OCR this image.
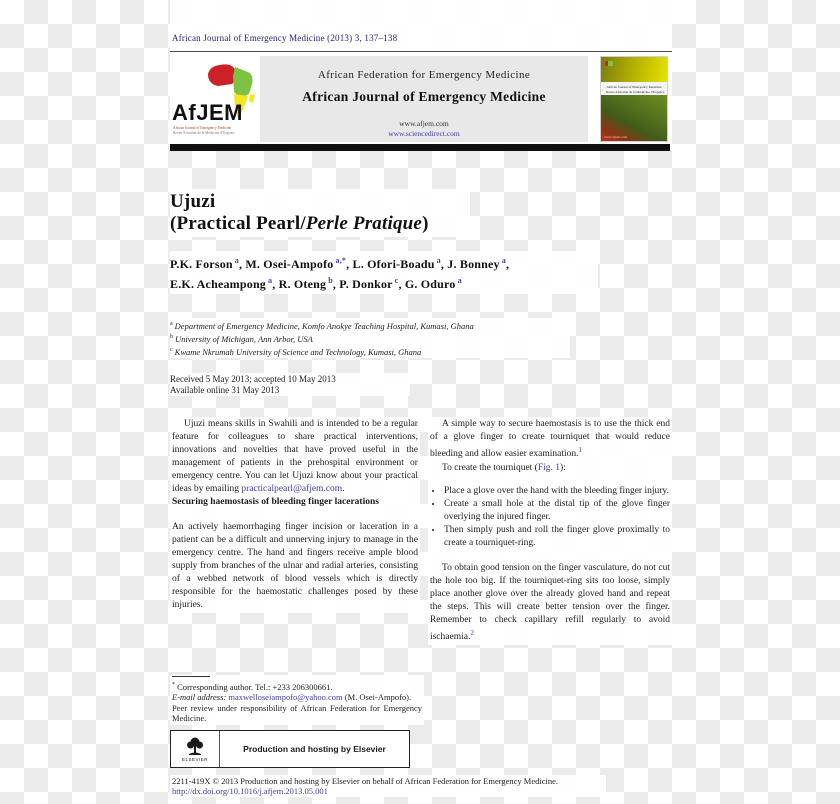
African Journal of Emergency Medicine (2013) 3, 137–138
AfJEM
African Journal of Emergency Medicine
Revue Africaine de la Médecine d'Urgence
African Federation for Emergency Medicine
African Journal of Emergency Medicine
www.afjem.com
www.sciencedirect.com
African Journal of Emergency Medicine
Revue Africaine de la Médecine d'Urgence
www.afjem.com
Ujuzi
(Practical Pearl/Perle Pratique)
P.K. Forson $^a$, M. Osei-Ampofo $^{a,*}$, L. Ofori-Boadu $^a$, J. Bonney $^a$,
E.K. Acheampong $^a$, R. Oteng $^b$, P. Donkor $^c$, G. Oduro $^a$
$^a$ Department of Emergency Medicine, Komfo Anokye Teaching Hospital, Kumasi, Ghana
$^b$ University of Michigan, Ann Arbor, USA
$^c$ Kwame Nkrumah University of Science and Technology, Kumasi, Ghana
Received 5 May 2013; accepted 10 May 2013
Available online 31 May 2013

Ujuzi means skills in Swahili and is intended to be a regular feature for colleagues to share practical interventions, innovations and novelties that have proved useful in the management of patients in the prehospital environment or emergency centre. You can let Ujuzi know about your practical ideas by emailing practicalpearl@afjem.com.

Securing haemostasis of bleeding finger lacerations

An actively haemorrhaging finger incision or laceration in a patient can be a difficult and unnerving injury to manage in the emergency centre. The hand and fingers receive ample blood supply from branches of the ulnar and radial arteries, consisting of a webbed network of blood vessels which is directly responsible for the haemostatic challenges posed by these injuries.

A simple way to secure haemostasis is to use the thick end of a glove finger to create tourniquet that would reduce bleeding and allow easier examination.$^1$

To create the tourniquet (Fig. 1):

• Place a glove over the hand with the bleeding finger injury.
• Create a small hole at the distal tip of the glove finger overlying the injured finger.
• Then simply push and roll the finger glove proximally to create a tourniquet-ring.

To obtain good tension on the finger vasculature, do not cut the hole too big. If the tourniquet-ring sits too loose, simply place another glove over the already gloved hand and repeat the steps. This will create better tension over the finger. Remember to check capillary refill regularly to avoid ischaemia.$^2$

* Corresponding author. Tel.: +233 206300661.
E-mail address: maxwelloseiampofo@yahoo.com (M. Osei-Ampofo).
Peer review under responsibility of African Federation for Emergency Medicine.
ELSEVIER
Production and hosting by Elsevier
2211-419X © 2013 Production and hosting by Elsevier on behalf of African Federation for Emergency Medicine.
http://dx.doi.org/10.1016/j.afjem.2013.05.001
